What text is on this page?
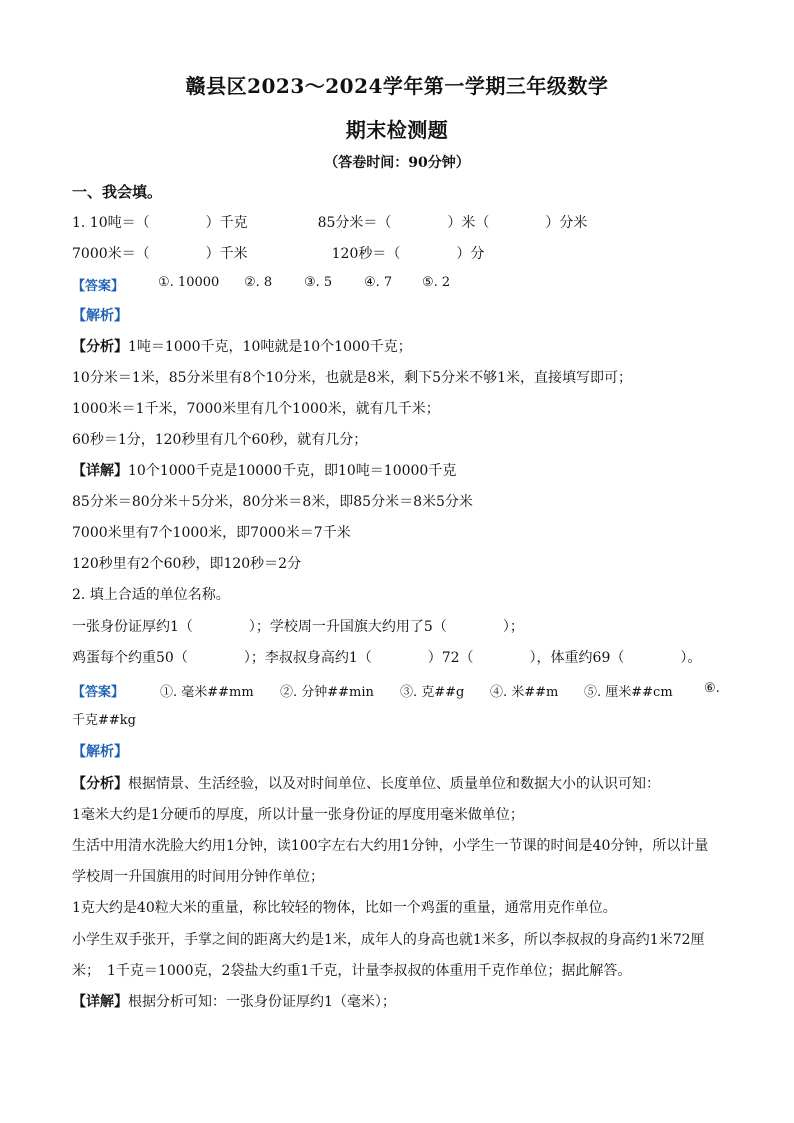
赣县区2023～2024学年第一学期三年级数学
期末检测题
（答卷时间：90分钟）
一、我会填。
1. 10吨＝（　　　　）千克　　　　　85分米＝（　　　　）米（　　　　）分米
7000米＝（　　　　）千米　　　　　　120秒＝（　　　　）分
【答案】	①. 10000 ②. 8 ③. 5 ④. 7 ⑤. 2
【解析】
【分析】1吨＝1000千克，10吨就是10个1000千克；
10分米＝1米，85分米里有8个10分米，也就是8米，剩下5分米不够1米，直接填写即可；
1000米＝1千米，7000米里有几个1000米，就有几千米；
60秒＝1分，120秒里有几个60秒，就有几分；
【详解】10个1000千克是10000千克，即10吨＝10000千克
85分米＝80分米＋5分米，80分米＝8米，即85分米＝8米5分米
7000米里有7个1000米，即7000米＝7千米
120秒里有2个60秒，即120秒＝2分
2. 填上合适的单位名称。
一张身份证厚约1（　　　　）；学校周一升国旗大约用了5（　　　　）；
鸡蛋每个约重50（　　　　）；李叔叔身高约1（　　　　）72（　　　　），体重约69（　　　　）。
【答案】	①. 毫米##mm ②. 分钟##min ③. 克##g ④. 米##m ⑤. 厘米##cm ⑥.
千克##kg
【解析】
【分析】根据情景、生活经验，以及对时间单位、长度单位、质量单位和数据大小的认识可知：
1毫米大约是1分硬币的厚度，所以计量一张身份证的厚度用毫米做单位；
生活中用清水洗脸大约用1分钟，读100字左右大约用1分钟，小学生一节课的时间是40分钟，所以计量
学校周一升国旗用的时间用分钟作单位；
1克大约是40粒大米的重量，称比较轻的物体，比如一个鸡蛋的重量，通常用克作单位。
小学生双手张开，手掌之间的距离大约是1米，成年人的身高也就1米多，所以李叔叔的身高约1米72厘
米；　1千克＝1000克，2袋盐大约重1千克，计量李叔叔的体重用千克作单位；据此解答。
【详解】根据分析可知：一张身份证厚约1（毫米）；
